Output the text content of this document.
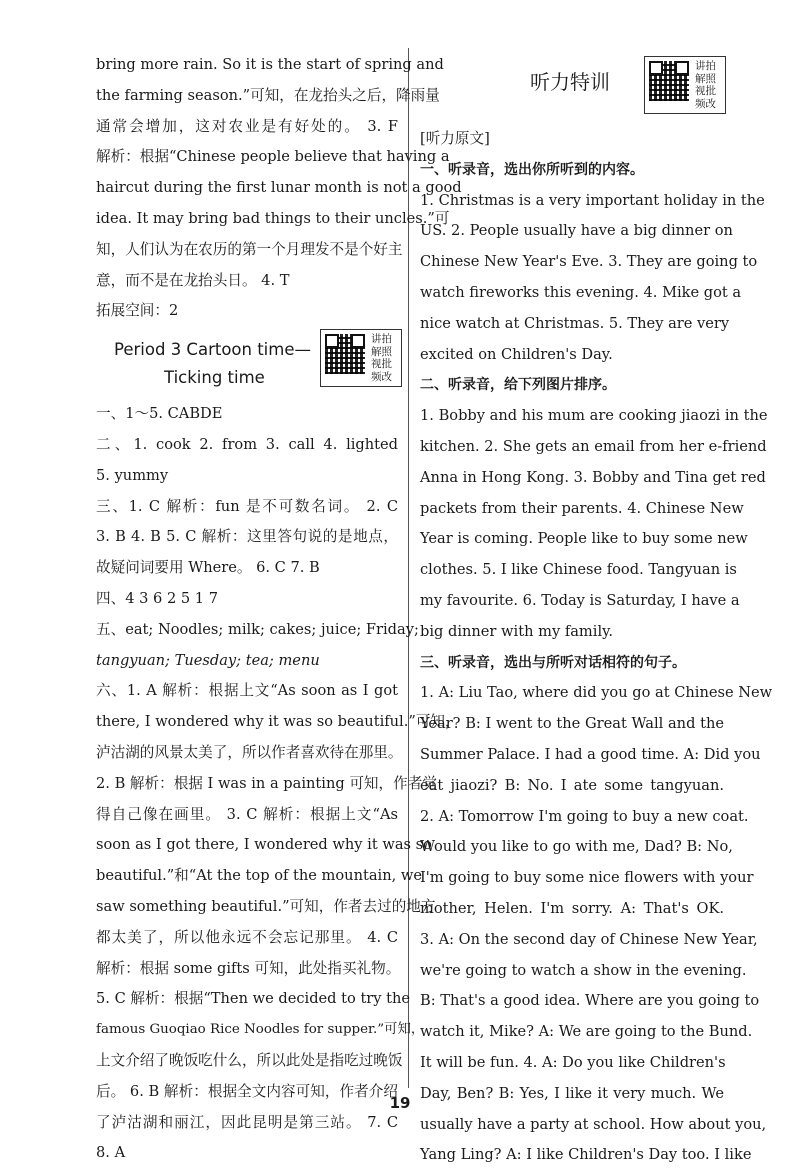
bring more rain. So it is the start of spring and
the farming season.”可知，在龙抬头之后，降雨量
通常会增加，这对农业是有好处的。 3. F
解析：根据“Chinese people believe that having a
haircut during the first lunar month is not a good
idea. It may bring bad things to their uncles.”可
知，人们认为在农历的第一个月理发不是个好主
意，而不是在龙抬头日。 4. T
拓展空间：2
Period 3 Cartoon time—
Ticking time
讲拍解照视批频改
一、1～5. CABDE
二、1. cook 2. from 3. call 4. lighted
5. yummy
三、1. C 解析：fun 是不可数名词。 2. C
3. B 4. B 5. C 解析：这里答句说的是地点，
故疑问词要用 Where。 6. C 7. B
四、4 3 6 2 5 1 7
五、eat; Noodles; milk; cakes; juice; Friday;
tangyuan; Tuesday; tea; menu
六、1. A 解析：根据上文“As soon as I got
there, I wondered why it was so beautiful.”可知，
泸沽湖的风景太美了，所以作者喜欢待在那里。
2. B 解析：根据 I was in a painting 可知，作者觉
得自己像在画里。 3. C 解析：根据上文“As
soon as I got there, I wondered why it was so
beautiful.”和“At the top of the mountain, we
saw something beautiful.”可知，作者去过的地方
都太美了，所以他永远不会忘记那里。 4. C
解析：根据 some gifts 可知，此处指买礼物。
5. C 解析：根据“Then we decided to try the
famous Guoqiao Rice Noodles for supper.”可知，
上文介绍了晚饭吃什么，所以此处是指吃过晚饭
后。 6. B 解析：根据全文内容可知，作者介绍
了泸沽湖和丽江，因此昆明是第三站。 7. C
8. A
听力特训
讲拍解照视批频改
[听力原文]
一、听录音，选出你所听到的内容。
1. Christmas is a very important holiday in the
US. 2. People usually have a big dinner on
Chinese New Year's Eve. 3. They are going to
watch fireworks this evening. 4. Mike got a
nice watch at Christmas. 5. They are very
excited on Children's Day.
二、听录音，给下列图片排序。
1. Bobby and his mum are cooking jiaozi in the
kitchen. 2. She gets an email from her e-friend
Anna in Hong Kong. 3. Bobby and Tina get red
packets from their parents. 4. Chinese New
Year is coming. People like to buy some new
clothes. 5. I like Chinese food. Tangyuan is
my favourite. 6. Today is Saturday, I have a
big dinner with my family.
三、听录音，选出与所听对话相符的句子。
1. A: Liu Tao, where did you go at Chinese New
Year? B: I went to the Great Wall and the
Summer Palace. I had a good time. A: Did you
eat jiaozi? B: No. I ate some tangyuan.
2. A: Tomorrow I'm going to buy a new coat.
Would you like to go with me, Dad? B: No,
I'm going to buy some nice flowers with your
mother, Helen. I'm sorry. A: That's OK.
3. A: On the second day of Chinese New Year,
we're going to watch a show in the evening.
B: That's a good idea. Where are you going to
watch it, Mike? A: We are going to the Bund.
It will be fun. 4. A: Do you like Children's
Day, Ben? B: Yes, I like it very much. We
usually have a party at school. How about you,
Yang Ling? A: I like Children's Day too. I like
19
